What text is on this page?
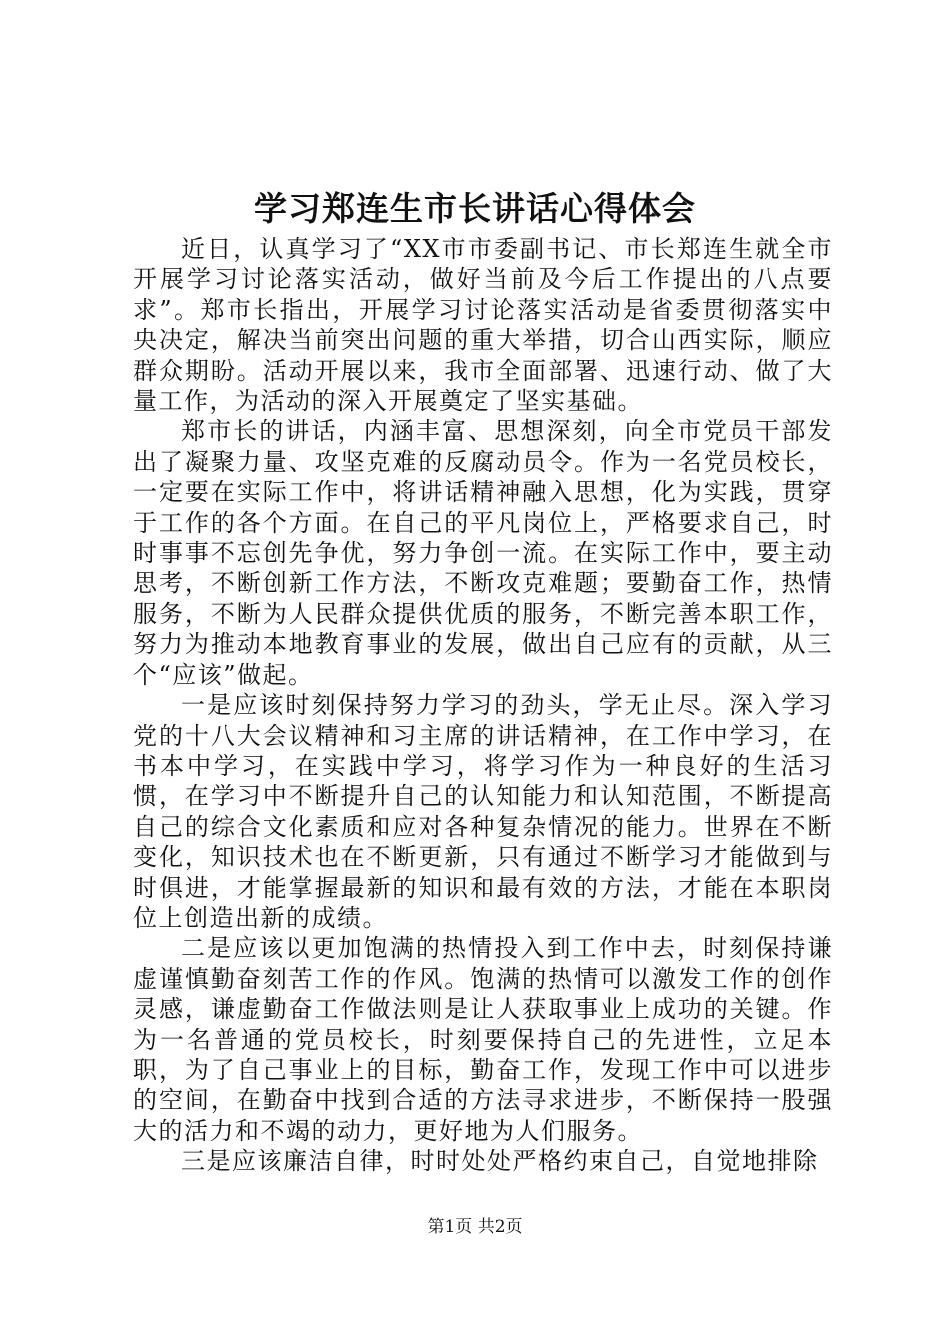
学习郑连生市长讲话心得体会

近日，认真学习了“XX市市委副书记、市长郑连生就全市开展学习讨论落实活动，做好当前及今后工作提出的八点要求”。郑市长指出，开展学习讨论落实活动是省委贯彻落实中央决定，解决当前突出问题的重大举措，切合山西实际，顺应群众期盼。活动开展以来，我市全面部署、迅速行动、做了大量工作，为活动的深入开展奠定了坚实基础。

郑市长的讲话，内涵丰富、思想深刻，向全市党员干部发出了凝聚力量、攻坚克难的反腐动员令。作为一名党员校长，一定要在实际工作中，将讲话精神融入思想，化为实践，贯穿于工作的各个方面。在自己的平凡岗位上，严格要求自己，时时事事不忘创先争优，努力争创一流。在实际工作中，要主动思考，不断创新工作方法，不断攻克难题；要勤奋工作，热情服务，不断为人民群众提供优质的服务，不断完善本职工作，努力为推动本地教育事业的发展，做出自己应有的贡献，从三个“应该”做起。

一是应该时刻保持努力学习的劲头，学无止尽。深入学习党的十八大会议精神和习主席的讲话精神，在工作中学习，在书本中学习，在实践中学习，将学习作为一种良好的生活习惯，在学习中不断提升自己的认知能力和认知范围，不断提高自己的综合文化素质和应对各种复杂情况的能力。世界在不断变化，知识技术也在不断更新，只有通过不断学习才能做到与时俱进，才能掌握最新的知识和最有效的方法，才能在本职岗位上创造出新的成绩。

二是应该以更加饱满的热情投入到工作中去，时刻保持谦虚谨慎勤奋刻苦工作的作风。饱满的热情可以激发工作的创作灵感，谦虚勤奋工作做法则是让人获取事业上成功的关键。作为一名普通的党员校长，时刻要保持自己的先进性，立足本职，为了自己事业上的目标，勤奋工作，发现工作中可以进步的空间，在勤奋中找到合适的方法寻求进步，不断保持一股强大的活力和不竭的动力，更好地为人们服务。

三是应该廉洁自律，时时处处严格约束自己，自觉地排除

第1页 共2页
